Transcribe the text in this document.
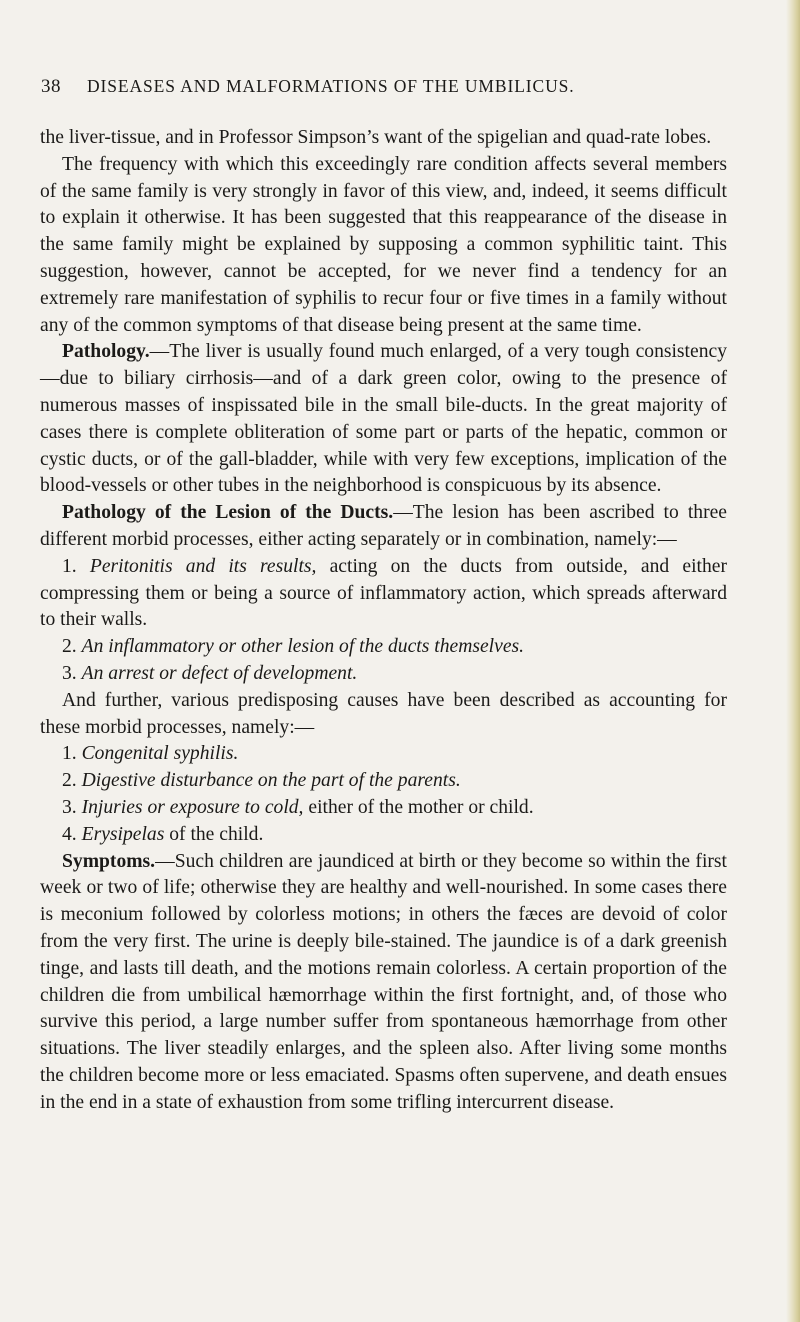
38 DISEASES AND MALFORMATIONS OF THE UMBILICUS.

the liver-tissue, and in Professor Simpson’s want of the spigelian and quad-rate lobes.

The frequency with which this exceedingly rare condition affects several members of the same family is very strongly in favor of this view, and, indeed, it seems difficult to explain it otherwise. It has been suggested that this reappearance of the disease in the same family might be explained by supposing a common syphilitic taint. This suggestion, however, cannot be accepted, for we never find a tendency for an extremely rare manifestation of syphilis to recur four or five times in a family without any of the common symptoms of that disease being present at the same time.

Pathology.—The liver is usually found much enlarged, of a very tough consistency—due to biliary cirrhosis—and of a dark green color, owing to the presence of numerous masses of inspissated bile in the small bile-ducts. In the great majority of cases there is complete obliteration of some part or parts of the hepatic, common or cystic ducts, or of the gall-bladder, while with very few exceptions, implication of the blood-vessels or other tubes in the neighborhood is conspicuous by its absence.

Pathology of the Lesion of the Ducts.—The lesion has been ascribed to three different morbid processes, either acting separately or in combination, namely:—

1. Peritonitis and its results, acting on the ducts from outside, and either compressing them or being a source of inflammatory action, which spreads afterward to their walls.

2. An inflammatory or other lesion of the ducts themselves.

3. An arrest or defect of development.

And further, various predisposing causes have been described as accounting for these morbid processes, namely:—

1. Congenital syphilis.

2. Digestive disturbance on the part of the parents.

3. Injuries or exposure to cold, either of the mother or child.

4. Erysipelas of the child.

Symptoms.—Such children are jaundiced at birth or they become so within the first week or two of life; otherwise they are healthy and well-nourished. In some cases there is meconium followed by colorless motions; in others the fæces are devoid of color from the very first. The urine is deeply bile-stained. The jaundice is of a dark greenish tinge, and lasts till death, and the motions remain colorless. A certain proportion of the children die from umbilical hæmorrhage within the first fortnight, and, of those who survive this period, a large number suffer from spontaneous hæmorrhage from other situations. The liver steadily enlarges, and the spleen also. After living some months the children become more or less emaciated. Spasms often supervene, and death ensues in the end in a state of exhaustion from some trifling intercurrent disease.
